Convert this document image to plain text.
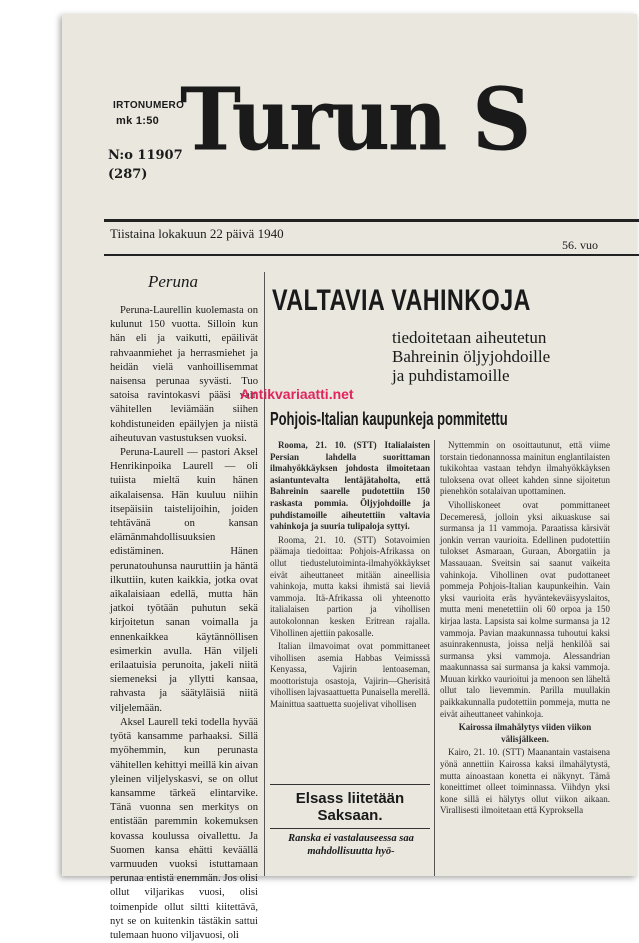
IRTONUMERO
mk 1:50
N:o 11907
(287)
Turun S
Tiistaina lokakuun 22 päivä 1940
56. vuo
Peruna

Peruna-Laurellin kuolemasta on kulunut 150 vuotta. Silloin kun hän eli ja vaikutti, epäilivät rahvaanmiehet ja herrasmiehet ja heidän vielä vanhoillisemmat naisensa perunaa syvästi. Tuo satoisa ravintokasvi pääsi vain vähitellen leviämään siihen kohdistuneiden epäilyjen ja niistä aiheutuvan vastustuksen vuoksi.

Peruna-Laurell — pastori Aksel Henrikinpoika Laurell — oli tuiista mieltä kuin hänen aikalaisensa. Hän kuuluu niihin itsepäisiin taistelijoihin, joiden tehtävänä on kansan elämänmahdollisuuksien edistäminen. Hänen perunatouhunsa nauruttiin ja häntä ilkuttiin, kuten kaikkia, jotka ovat aikalaisiaan edellä, mutta hän jatkoi työtään puhutun sekä kirjoitetun sanan voimalla ja ennenkaikkea käytännöllisen esimerkin avulla. Hän viljeli erilaatuisia perunoita, jakeli niitä siemeneksi ja yllytti kansaa, rahvasta ja säätyläisiä niitä viljelemään.

Aksel Laurell teki todella hyvää työtä kansamme parhaaksi. Sillä myöhemmin, kun perunasta vähitellen kehittyi meillä kin aivan yleinen viljelyskasvi, se on ollut kansamme tärkeä elintarvike. Tänä vuonna sen merkitys on entistään paremmin kokemuksen kovassa koulussa oivallettu. Ja Suomen kansa ehätti keväällä varmuuden vuoksi istuttamaan perunaa entistä enemmän. Jos olisi ollut viljarikas vuosi, olisi toimenpide ollut siltti kiitettävä, nyt se on kuitenkin tästäkin sattui tulemaan huono viljavuosi, oli

VALTAVIA VAHINKOJA
tiedoitetaan aiheutetun
Bahreinin öljyjohdoille
ja puhdistamoille
Antikvariaatti.net
Pohjois-Italian kaupunkeja pommitettu

Rooma, 21. 10. (STT) Italialaisten Persian lahdella suorittaman ilmahyökkäyksen johdosta ilmoitetaan asiantuntevalta lentäjätaholta, että Bahreinin saarelle pudotettiin 150 raskasta pommia. Öljyjohdoille ja puhdistamoille aiheutettiin valtavia vahinkoja ja suuria tulipaloja syttyi.

Rooma, 21. 10. (STT) Sotavoimien päämaja tiedoittaa: Pohjois-Afrikassa on ollut tiedustelutoiminta-ilmahyökkäykset eivät aiheuttaneet mitään aineellisia vahinkoja, mutta kaksi ihmistä sai lieviä vammoja. Itä-Afrikassa oli yhteenotto italialaisen partion ja vihollisen autokolonnan kesken Eritrean rajalla. Vihollinen ajettiin pakosalle.

Italian ilmavoimat ovat pommittaneet vihollisen asemia Habbas Veimisssä Kenyassa, Vajirin lentoaseman, moottoristuja osastoja, Vajirin—Gherisitä vihollisen lajvasaattuetta Punaisella merellä. Mainittua saattuetta suojelivat vihollisen

Nyttemmin on osoittautunut, että viime torstain tiedonannossa mainitun englantilaisten tukikohtaa vastaan tehdyn ilmahyökkäyksen tuloksena ovat olleet kahden sinne sijoitetun pienehkön sotalaivan upottaminen.

Viholliskoneet ovat pommittaneet Decemeresä, jolloin yksi aikuaskuse sai surmansa ja 11 vammoja. Paraatissa kärsivät jonkin verran vaurioita. Edellinen pudotettiin tulokset Asmaraan, Guraan, Aborgatiin ja Massauaan. Sveitsin sai saanut vaikeita vahinkoja. Vihollinen ovat pudottaneet pommeja Pohjois-Italian kaupunkeihin. Vain yksi vaurioita eräs hyväntekeväisyyslaitos, mutta meni menetettiin oli 60 orpoa ja 150 kirjaa lasta. Lapsista sai kolme surmansa ja 12 vammoja. Pavian maakunnassa tuhoutui kaksi asuinrakennusta, joissa neljä henkilöä sai surmansa yksi vammoja. Alessandrian maakunnassa sai surmansa ja kaksi vammoja. Muuan kirkko vaurioitui ja menoon sen läheltä ollut talo lievemmin. Parilla muullakin paikkakunnalla pudotettiin pommeja, mutta ne eivät aiheuttaneet vahinkoja.

Kairossa ilmahälytys viiden viikon välisjälkeen.

Kairo, 21. 10. (STT) Maanantain vastaisena yönä annettiin Kairossa kaksi ilmahälytystä, mutta ainoastaan konetta ei näkynyt. Tämä koneittimet olleet toiminnassa. Viihdyn yksi kone sillä ei hälytys ollut viikon aikaan. Virallisesti ilmoitetaan että Kyproksella

Elsass liitetään
Saksaan.
Ranska ei vastalauseessa saa mahdollisuutta hyö-
